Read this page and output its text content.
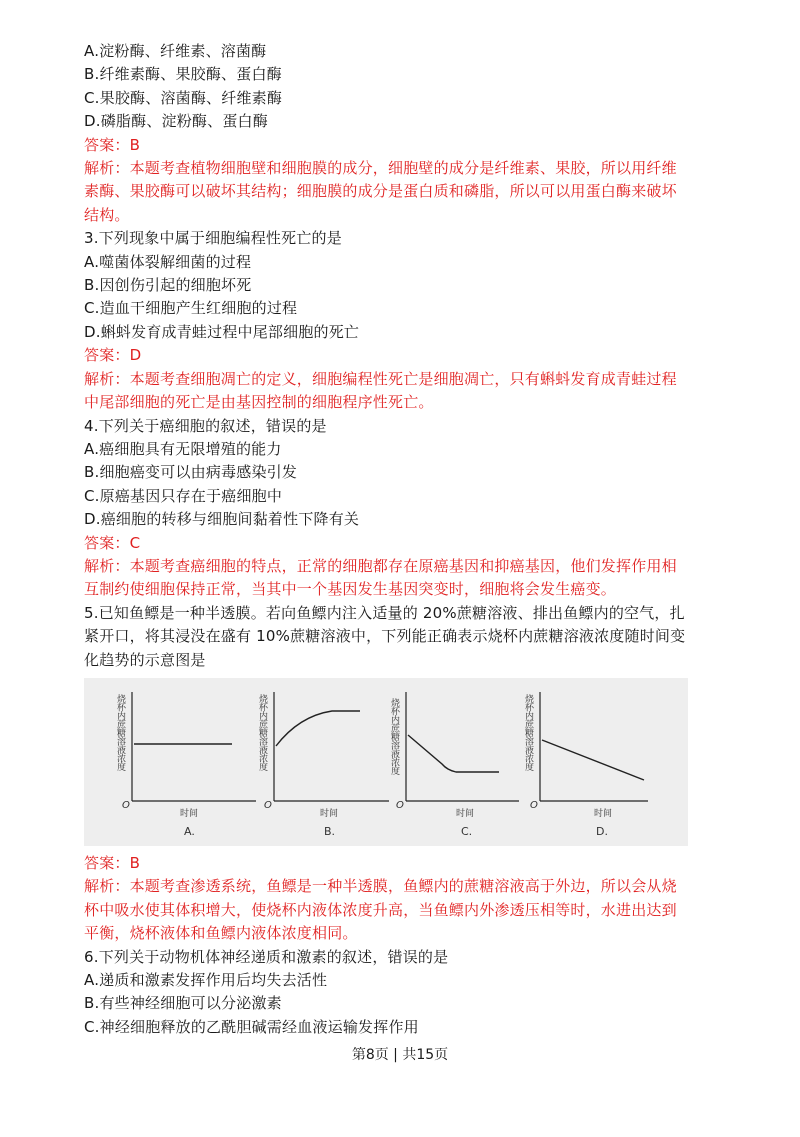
A.淀粉酶、纤维素、溶菌酶
B.纤维素酶、果胶酶、蛋白酶
C.果胶酶、溶菌酶、纤维素酶
D.磷脂酶、淀粉酶、蛋白酶
答案：B
解析：本题考查植物细胞壁和细胞膜的成分，细胞壁的成分是纤维素、果胶，所以用纤维
素酶、果胶酶可以破坏其结构；细胞膜的成分是蛋白质和磷脂，所以可以用蛋白酶来破坏
结构。
3.下列现象中属于细胞编程性死亡的是
A.噬菌体裂解细菌的过程
B.因创伤引起的细胞坏死
C.造血干细胞产生红细胞的过程
D.蝌蚪发育成青蛙过程中尾部细胞的死亡
答案：D
解析：本题考查细胞凋亡的定义，细胞编程性死亡是细胞凋亡，只有蝌蚪发育成青蛙过程
中尾部细胞的死亡是由基因控制的细胞程序性死亡。
4.下列关于癌细胞的叙述，错误的是
A.癌细胞具有无限增殖的能力
B.细胞癌变可以由病毒感染引发
C.原癌基因只存在于癌细胞中
D.癌细胞的转移与细胞间黏着性下降有关
答案：C
解析：本题考查癌细胞的特点，正常的细胞都存在原癌基因和抑癌基因，他们发挥作用相
互制约使细胞保持正常，当其中一个基因发生基因突变时，细胞将会发生癌变。
5.已知鱼鳔是一种半透膜。若向鱼鳔内注入适量的 20%蔗糖溶液、排出鱼鳔内的空气，扎
紧开口，将其浸没在盛有 10%蔗糖溶液中，下列能正确表示烧杯内蔗糖溶液浓度随时间变
化趋势的示意图是
烧杯内蔗糖溶液浓度	烧杯内蔗糖溶液浓度	烧杯内蔗糖溶液浓度	烧杯内蔗糖溶液浓度
O	O	O	O
时间	时间	时间	时间
A.	B.	C.	D.
答案：B
解析：本题考查渗透系统，鱼鳔是一种半透膜，鱼鳔内的蔗糖溶液高于外边，所以会从烧
杯中吸水使其体积增大，使烧杯内液体浓度升高，当鱼鳔内外渗透压相等时，水进出达到
平衡，烧杯液体和鱼鳔内液体浓度相同。
6.下列关于动物机体神经递质和激素的叙述，错误的是
A.递质和激素发挥作用后均失去活性
B.有些神经细胞可以分泌激素
C.神经细胞释放的乙酰胆碱需经血液运输发挥作用
第8页 | 共15页
